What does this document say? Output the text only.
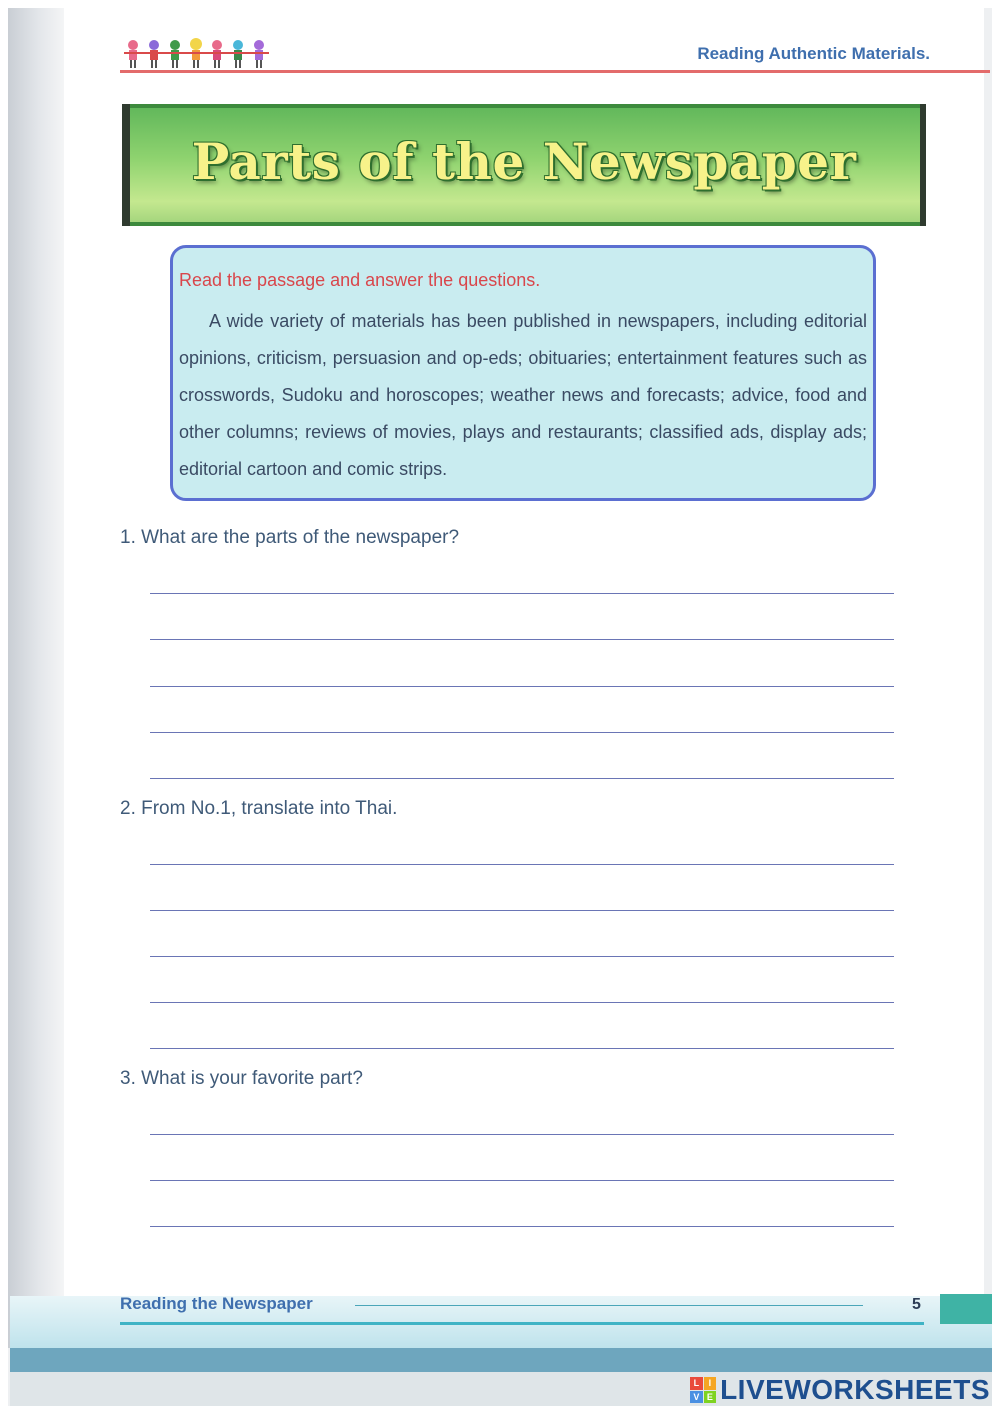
Reading Authentic Materials.
Parts of the Newspaper
Read the passage and answer the questions.
A wide variety of materials has been published in newspapers, including editorial opinions, criticism, persuasion and op-eds; obituaries; entertainment features such as crosswords, Sudoku and horoscopes; weather news and forecasts; advice, food and other columns; reviews of movies, plays and restaurants; classified ads, display ads; editorial cartoon and comic strips.
1. What are the parts of the newspaper?
2. From No.1, translate into Thai.
3. What is your favorite part?
Reading the Newspaper	5
L	I
V E LIVEWORKSHEETS
